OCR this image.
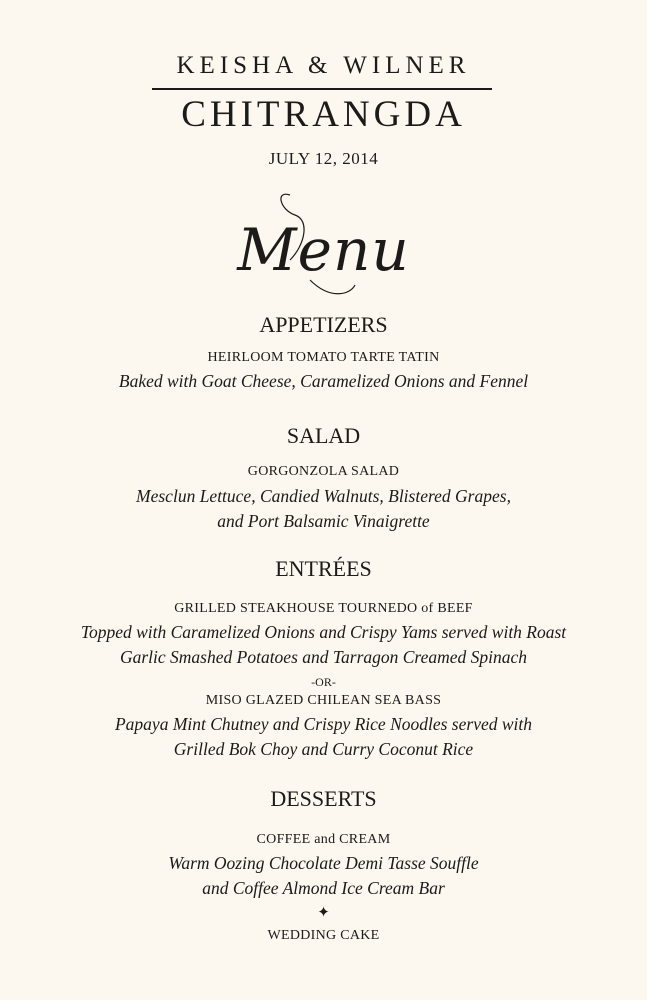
KEISHA & WILNER
CHITRANGDA
JULY 12, 2014
Menu
APPETIZERS
HEIRLOOM TOMATO TARTE TATIN
Baked with Goat Cheese, Caramelized Onions and Fennel
SALAD
GORGONZOLA SALAD
Mesclun Lettuce, Candied Walnuts, Blistered Grapes,
and Port Balsamic Vinaigrette
ENTRÉES
GRILLED STEAKHOUSE TOURNEDO of BEEF
Topped with Caramelized Onions and Crispy Yams served with Roast
Garlic Smashed Potatoes and Tarragon Creamed Spinach
-OR-
MISO GLAZED CHILEAN SEA BASS
Papaya Mint Chutney and Crispy Rice Noodles served with
Grilled Bok Choy and Curry Coconut Rice
DESSERTS
COFFEE and CREAM
Warm Oozing Chocolate Demi Tasse Souffle
and Coffee Almond Ice Cream Bar
✦
WEDDING CAKE
